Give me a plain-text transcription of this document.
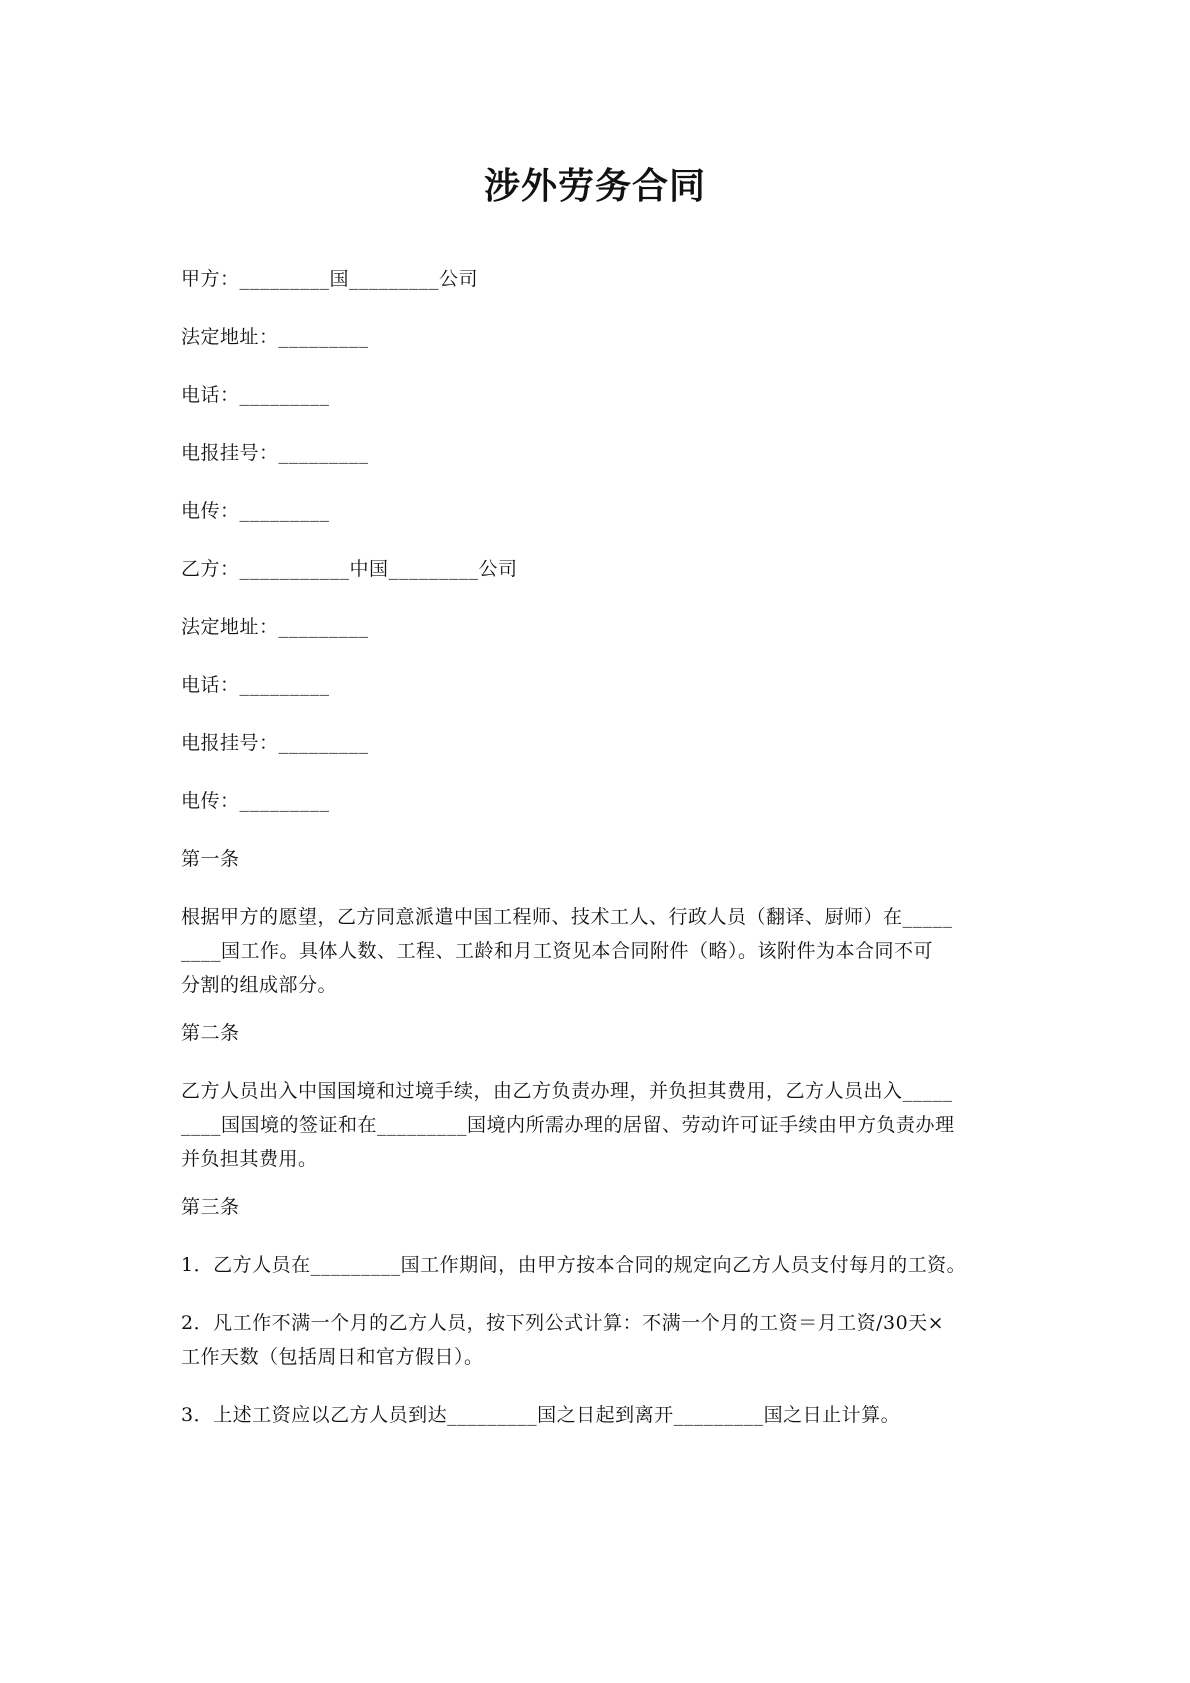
涉外劳务合同
甲方：_________国_________公司
法定地址：_________
电话：_________
电报挂号：_________
电传：_________
乙方：___________中国_________公司
法定地址：_________
电话：_________
电报挂号：_________
电传：_________
第一条
根据甲方的愿望，乙方同意派遣中国工程师、技术工人、行政人员（翻译、厨师）在_____
____国工作。具体人数、工程、工龄和月工资见本合同附件（略）。该附件为本合同不可
分割的组成部分。
第二条
乙方人员出入中国国境和过境手续，由乙方负责办理，并负担其费用，乙方人员出入_____
____国国境的签证和在_________国境内所需办理的居留、劳动许可证手续由甲方负责办理
并负担其费用。
第三条
1．乙方人员在_________国工作期间，由甲方按本合同的规定向乙方人员支付每月的工资。
2．凡工作不满一个月的乙方人员，按下列公式计算：不满一个月的工资＝月工资/30天×
工作天数（包括周日和官方假日）。
3．上述工资应以乙方人员到达_________国之日起到离开_________国之日止计算。
